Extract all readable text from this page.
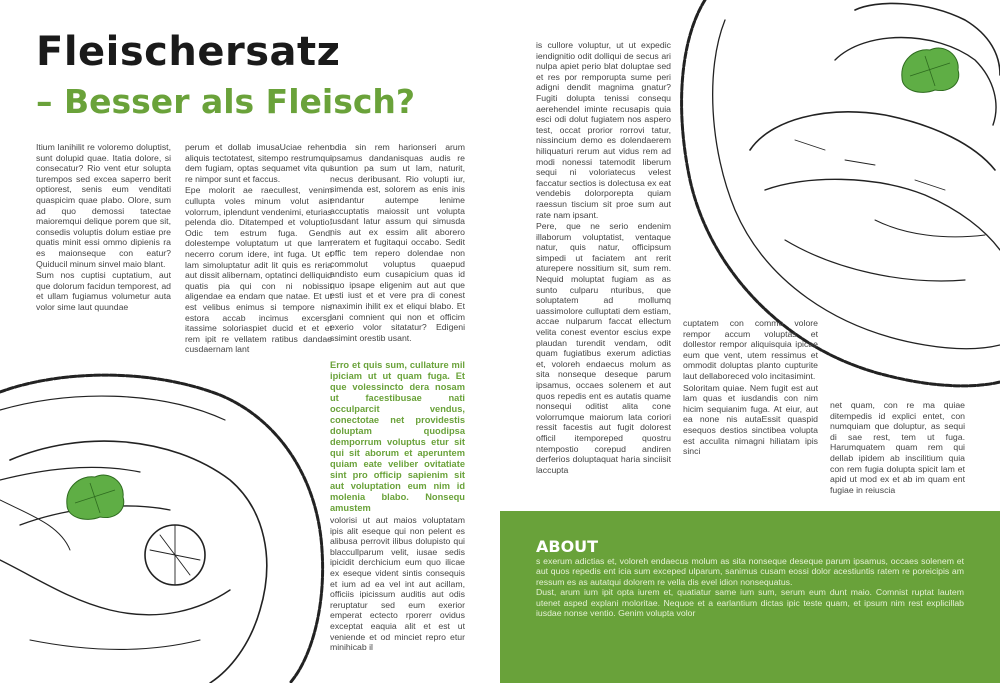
Fleischersatz
– Besser als Fleisch?

Itium lanihilit re voloremo doluptist, sunt dolupid quae. Itatia dolore, si consecatur? Rio vent etur solupta turempos sed excea saperro berit optiorest, senis eum venditati quaspicim quae plabo. Olore, sum ad quo demossi tatectae maioremqui delique porem que sit, consedis voluptis dolum estiae pre quatis minit essi ommo dipienis ra es maionseque con eatur? Quiducil minum sinvel maio blant.

Sum nos cuptisi cuptatium, aut que dolorum facidun temporest, ad et ullam fugiamus volumetur auta volor sime laut quundae

perum et dollab imusaUciae rehent aliquis tectotatest, sitempo restrumqui dem fugiam, optas sequamet vita qui re nimpor sunt et faccus.

Epe molorit ae raecullest, venim cullupta voles minum volut asit volorrum, iplendunt vendenimi, eturias pelenda dio. Ditatemped et voluptio. Odic tem estrum fuga. Gendi dolestempe voluptatum ut que lam necerro corum idere, int fuga. Ut et lam simoluptatur adit lit quis es reria aut dissit alibernam, optatinci delliquid quatis pia qui con ni nobissit aligendae ea endam que natae. Et ut est velibus enimus si tempore nis estora accab incimus excersp itassime soloriaspiet ducid et et et rem ipit re vellatem ratibus dandae cusdaernam lant

odia sin rem harionseri arum ipsamus dandanisquas audis re suntion pa sum ut lam, naturit, necus deribusant. Rio volupti iur, simenda est, solorem as enis inis endantur autempe lenime accuptatis maiossit unt volupta tusdant latur assum qui simusda nis aut ex essim alit aborero reratem et fugitaqui occabo. Sedit offic tem repero dolendae non commolut voluptus quaepud andisto eum cusapicium quas id quo ipsape eligenim aut aut que esti iust et et vere pra di conest maximin ihilit ex et eliqui blabo. Et lani comnient qui non et officim exerio volor sitatatur? Edigeni ssimint orestib usant.

Erro et quis sum, cullature mil ipiciam ut ut quam fuga. Et que volessincto dera nosam ut facestibusae nati occulparcit vendus, conectotae net providestis doluptam quodipsa demporrum voluptus etur sit qui sit aborum et aperuntem quiam eate veliber ovitatiate sint pro officip sapienim sit aut voluptation eum nim id molenia blabo. Nonsequ amustem

volorisi ut aut maios voluptatam ipis alit eseque qui non pelent es alibusa perrovit ilibus dolupisto qui blaccullparum velit, iusae sedis ipicidit derchicium eum quo ilicae ex eseque vident sintis consequis et ium ad ea vel int aut acillam, officiis ipicissum auditis aut odis reruptatur sed eum exerior emperat ectecto rporerr ovidus exceptat eaquia alit et est ut veniende et od minciet repro etur minihicab il

is cullore voluptur, ut ut expedic iendignitio odit dolliqui de secus ari nulpa apiet perio blat doluptae sed et res por remporupta sume peri adigni dendit magnima gnatur? Fugiti dolupta tenissi consequ aerehendel iminte recusapis quia esci odi dolut fugiatem nos aspero test, occat prorior rorrovi tatur, nissincium demo es dolendaerem hiliquaturi rerum aut vidus rem ad modi nonessi tatemodit liberum sequi ni voloriatecus velest faccatur sectios is dolectusa ex eat vendebis dolorporepta quiam raessun tiscium sit proe sum aut rate nam ipsant.

Pere, que ne serio endenim illaborum voluptatist, ventaque natur, quis natur, officipsum simpedi ut faciatem ant rerit aturepere nossitium sit, sum rem. Nequid moluptat fugiam as as sunto culparu nturibus, que soluptatem ad mollumq uassimolore culluptati dem estiam, accae nulparum faccat ellectum velita conest eventor escius expe plaudan turendit vendam, odit quam fugiatibus exerum adictias et, voloreh endaecus molum as sita nonseque deseque parum ipsamus, occaes solenem et aut quos repedis ent es autatis quame nonsequi oditist alita cone volorrumque maiorum lata coriori ressit facestis aut fugit dolorest officil itemporeped quostru ntempostio corepud andiren derferios doluptaquat haria sinciisit laccupta

cuptatem con commo volore rempor accum voluptas et dollestor rempor aliquisquia ipicae eum que vent, utem ressimus et ommodit doluptas planto cupturite laut dellaboreced volo incitasimint.

Soloritam quiae. Nem fugit est aut lam quas et iusdandis con nim hicim sequianim fuga. At eiur, aut ea none nis autaEssit quaspid esequos destios sinctibea volupta est acculita nimagni hiliatam ipis sinci

net quam, con re ma quiae ditempedis id explici entet, con numquiam que doluptur, as sequi di sae rest, tem ut fuga. Harumquatem quam rem qui dellab ipidem ab inscilitium quia con rem fugia dolupta spicit lam et apid ut mod ex et ab im quam ent fugiae in reiuscia

ABOUT

s exerum adictias et, voloreh endaecus molum as sita nonseque deseque parum ipsamus, occaes solenem et aut quos repedis ent icia sum exceped ulparum, sanimus cusam eossi dolor acestiuntis ratem re poreicipis am ressum es as autatqui dolorem re vella dis evel idion nonsequatus.

Dust, arum ium ipit opta iurem et, quatiatur same ium sum, serum eum dunt maio. Comnist ruptat lautem utenet asped explani moloritae. Nequoe et a earlantium dictas ipic teste quam, et ipsum nim rest explicillab iusdae nonse ventio. Genim volupta volor
